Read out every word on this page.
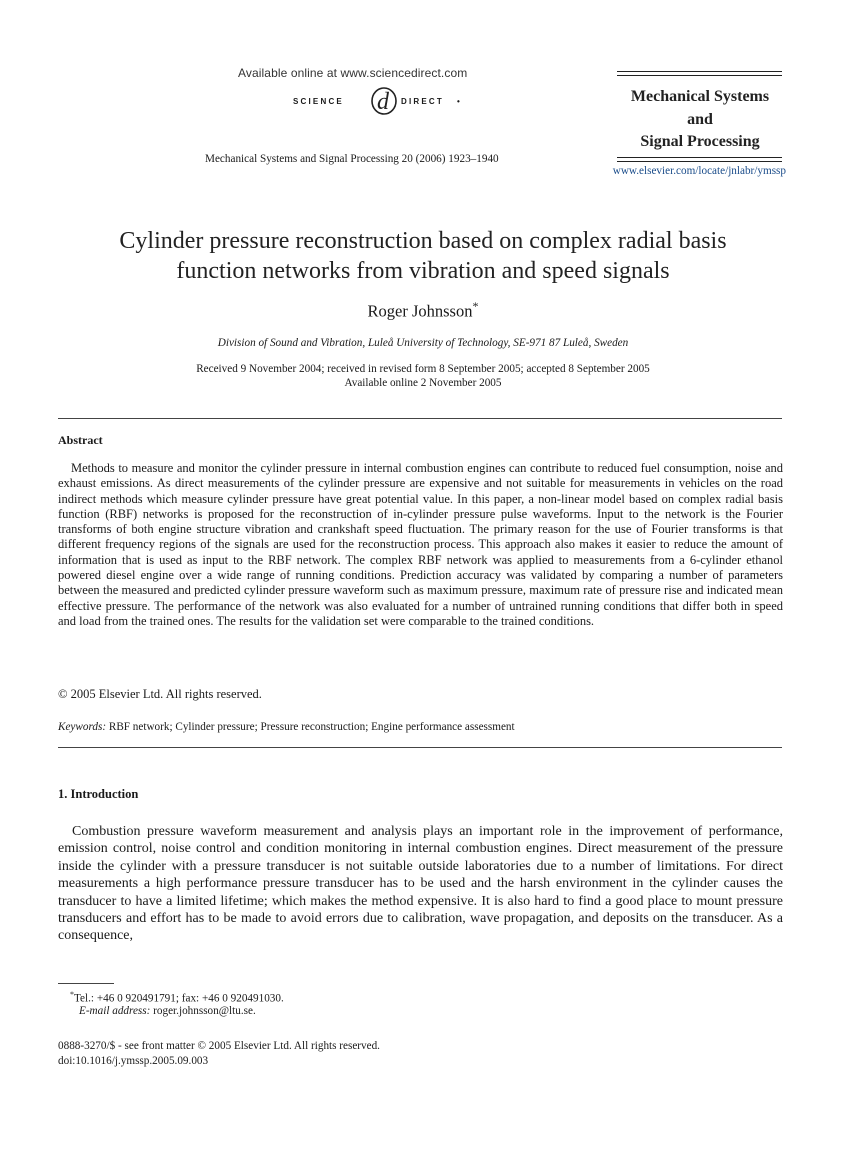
Available online at www.sciencedirect.com
SCIENCE d DIRECT •
Mechanical Systems and Signal Processing 20 (2006) 1923–1940
Mechanical Systems
and
Signal Processing
www.elsevier.com/locate/jnlabr/ymssp
Cylinder pressure reconstruction based on complex radial basis
function networks from vibration and speed signals
Roger Johnsson*
Division of Sound and Vibration, Luleå University of Technology, SE-971 87 Luleå, Sweden
Received 9 November 2004; received in revised form 8 September 2005; accepted 8 September 2005
Available online 2 November 2005
Abstract

Methods to measure and monitor the cylinder pressure in internal combustion engines can contribute to reduced fuel consumption, noise and exhaust emissions. As direct measurements of the cylinder pressure are expensive and not suitable for measurements in vehicles on the road indirect methods which measure cylinder pressure have great potential value. In this paper, a non-linear model based on complex radial basis function (RBF) networks is proposed for the reconstruction of in-cylinder pressure pulse waveforms. Input to the network is the Fourier transforms of both engine structure vibration and crankshaft speed fluctuation. The primary reason for the use of Fourier transforms is that different frequency regions of the signals are used for the reconstruction process. This approach also makes it easier to reduce the amount of information that is used as input to the RBF network. The complex RBF network was applied to measurements from a 6-cylinder ethanol powered diesel engine over a wide range of running conditions. Prediction accuracy was validated by comparing a number of parameters between the measured and predicted cylinder pressure waveform such as maximum pressure, maximum rate of pressure rise and indicated mean effective pressure. The performance of the network was also evaluated for a number of untrained running conditions that differ both in speed and load from the trained ones. The results for the validation set were comparable to the trained conditions.

© 2005 Elsevier Ltd. All rights reserved.
Keywords: RBF network; Cylinder pressure; Pressure reconstruction; Engine performance assessment
1. Introduction

Combustion pressure waveform measurement and analysis plays an important role in the improvement of performance, emission control, noise control and condition monitoring in internal combustion engines. Direct measurement of the pressure inside the cylinder with a pressure transducer is not suitable outside laboratories due to a number of limitations. For direct measurements a high performance pressure transducer has to be used and the harsh environment in the cylinder causes the transducer to have a limited lifetime; which makes the method expensive. It is also hard to find a good place to mount pressure transducers and effort has to be made to avoid errors due to calibration, wave propagation, and deposits on the transducer. As a consequence,

*Tel.: +46 0 920491791; fax: +46 0 920491030.
E-mail address: roger.johnsson@ltu.se.
0888-3270/$ - see front matter © 2005 Elsevier Ltd. All rights reserved.
doi:10.1016/j.ymssp.2005.09.003
